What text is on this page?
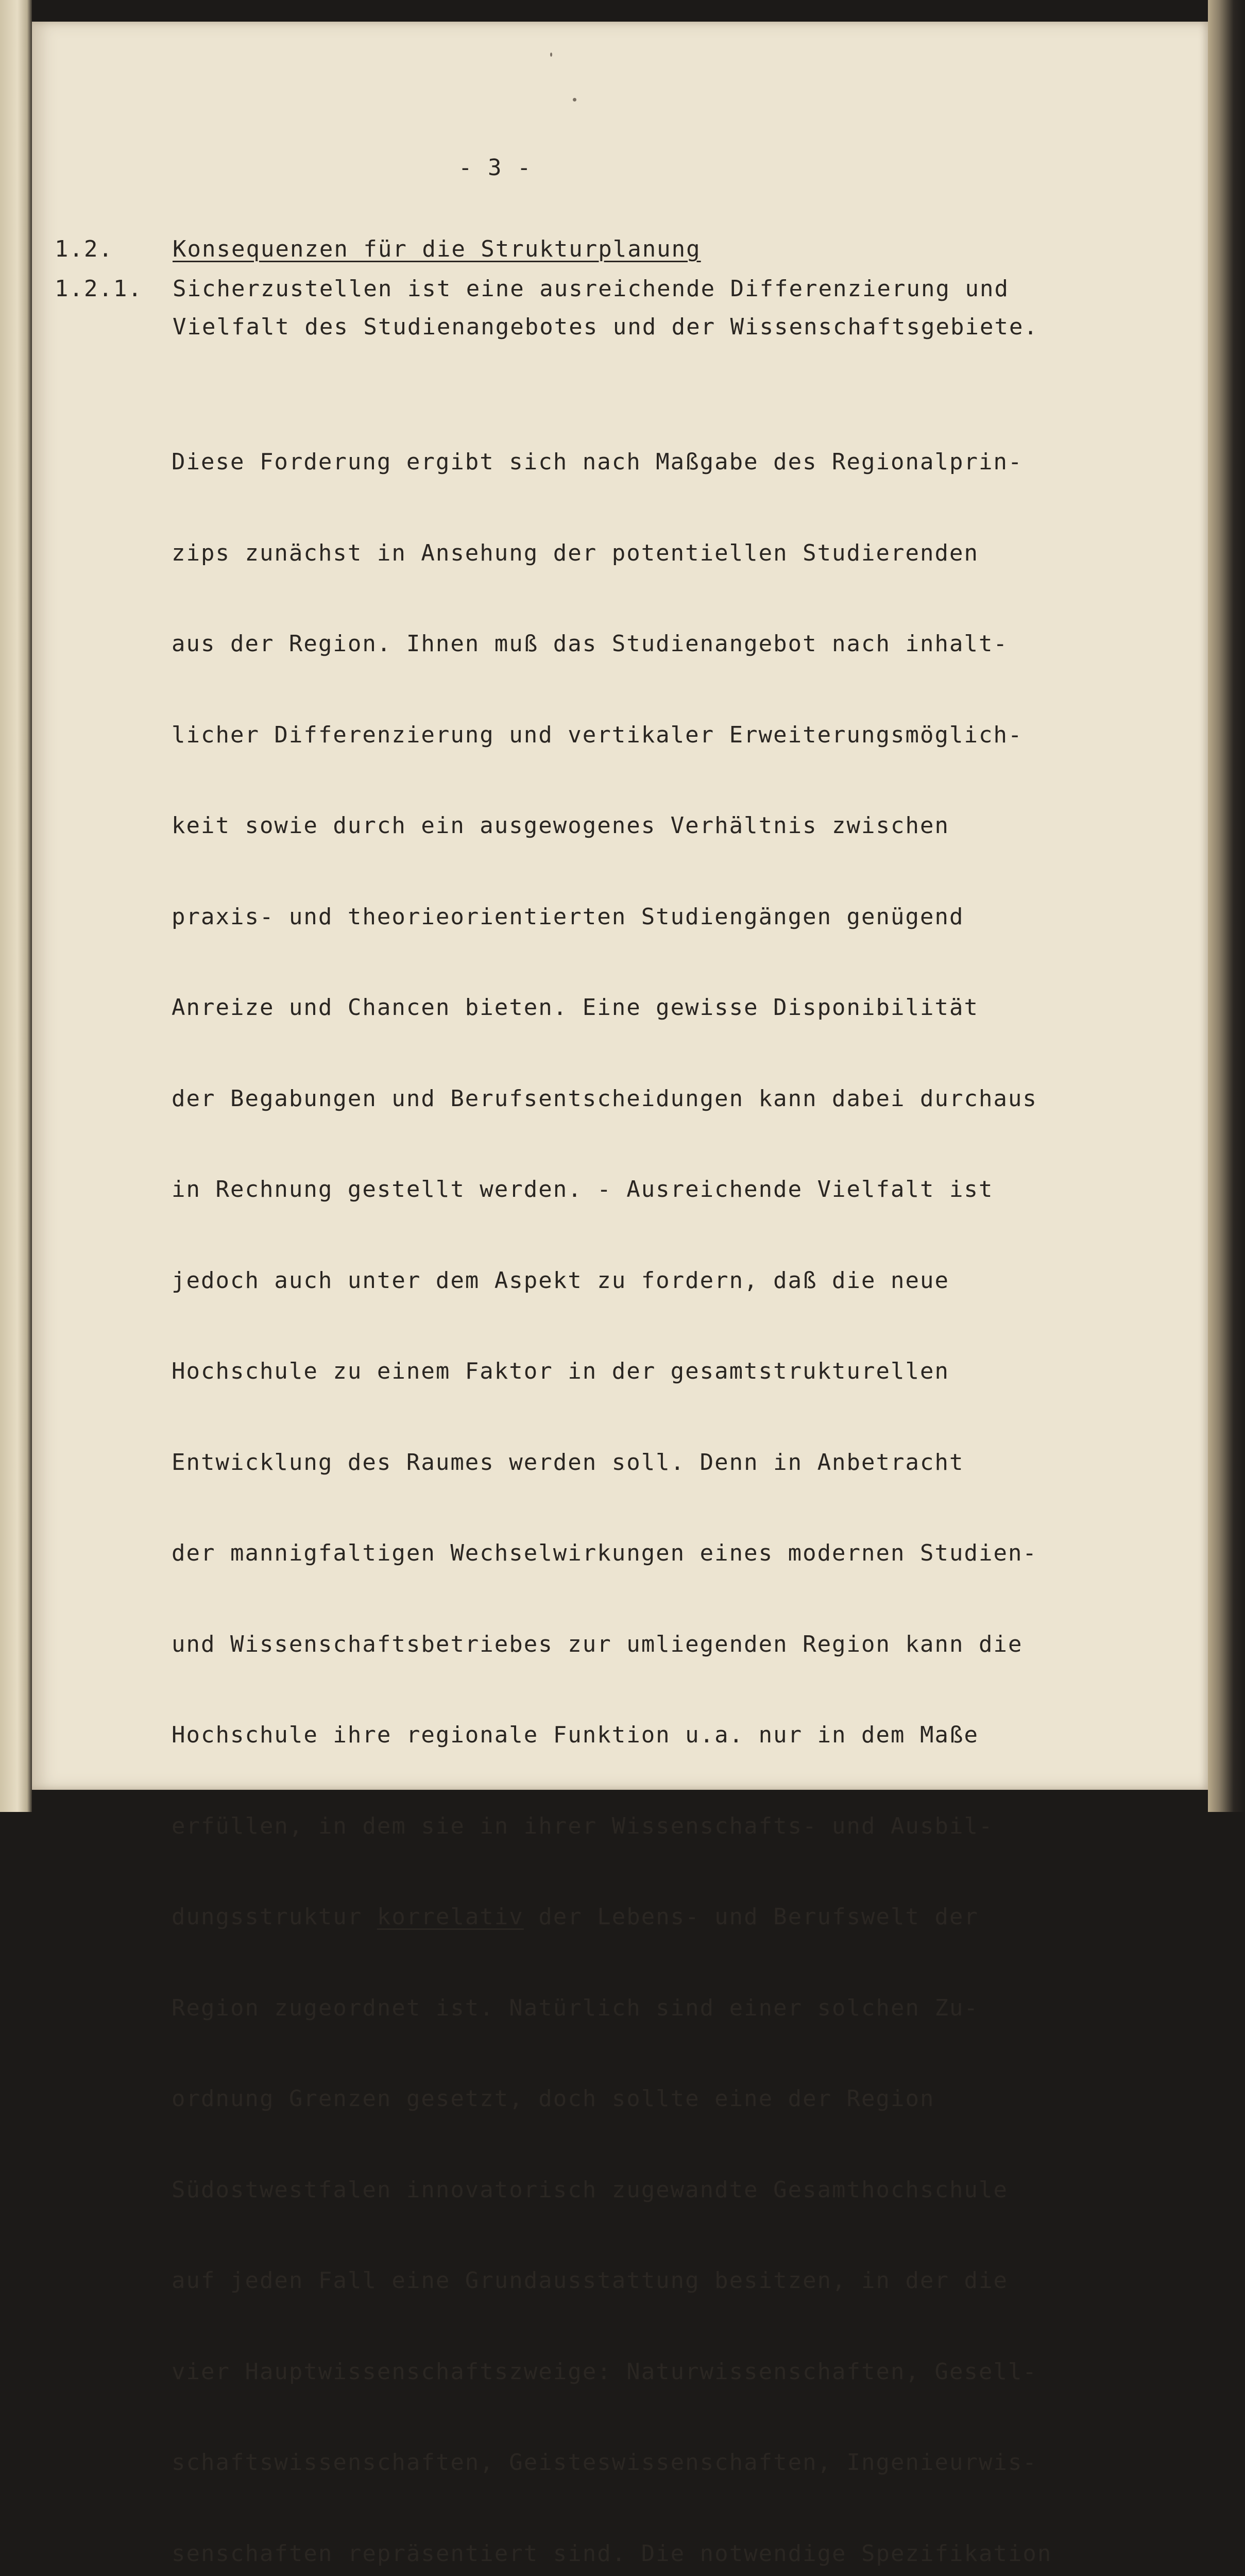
- 3 -
1.2.	Konsequenzen für die Strukturplanung
1.2.1. Sicherzustellen ist eine ausreichende Differenzierung und
Vielfalt des Studienangebotes und der Wissenschaftsgebiete.

Diese Forderung ergibt sich nach Maßgabe des Regionalprin-

zips zunächst in Ansehung der potentiellen Studierenden

aus der Region. Ihnen muß das Studienangebot nach inhalt-

licher Differenzierung und vertikaler Erweiterungsmöglich-

keit sowie durch ein ausgewogenes Verhältnis zwischen

praxis- und theorieorientierten Studiengängen genügend

Anreize und Chancen bieten. Eine gewisse Disponibilität

der Begabungen und Berufsentscheidungen kann dabei durchaus

in Rechnung gestellt werden. - Ausreichende Vielfalt ist

jedoch auch unter dem Aspekt zu fordern, daß die neue

Hochschule zu einem Faktor in der gesamtstrukturellen

Entwicklung des Raumes werden soll. Denn in Anbetracht

der mannigfaltigen Wechselwirkungen eines modernen Studien-

und Wissenschaftsbetriebes zur umliegenden Region kann die

Hochschule ihre regionale Funktion u.a. nur in dem Maße

erfüllen, in dem sie in ihrer Wissenschafts- und Ausbil-

dungsstruktur korrelativ der Lebens- und Berufswelt der

Region zugeordnet ist. Natürlich sind einer solchen Zu-

ordnung Grenzen gesetzt, doch sollte eine der Region

Südostwestfalen innovatorisch zugewandte Gesamthochschule

auf jeden Fall eine Grundausstattung besitzen, in der die

vier Hauptwissenschaftszweige: Naturwissenschaften, Gesell-

schaftswissenschaften, Geisteswissenschaften, Ingenieurwis-

senschaften repräsentiert sind. Die notwendige Spezifikation
